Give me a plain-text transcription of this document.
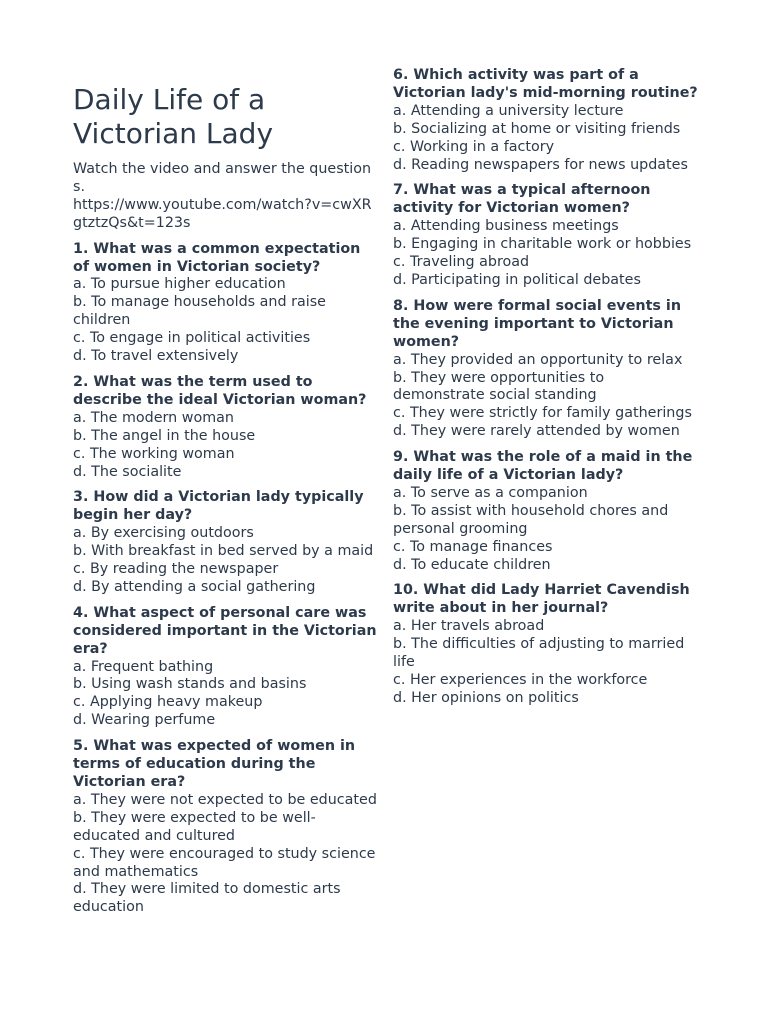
Daily Life of a Victorian Lady
Watch the video and answer the questions.
https://www.youtube.com/watch?v=cwXRgtztzQs&t=123s
1. What was a common expectation of women in Victorian society?
a. To pursue higher education
b. To manage households and raise children
c. To engage in political activities
d. To travel extensively
2. What was the term used to describe the ideal Victorian woman?
a. The modern woman
b. The angel in the house
c. The working woman
d. The socialite
3. How did a Victorian lady typically begin her day?
a. By exercising outdoors
b. With breakfast in bed served by a maid
c. By reading the newspaper
d. By attending a social gathering
4. What aspect of personal care was considered important in the Victorian era?
a. Frequent bathing
b. Using wash stands and basins
c. Applying heavy makeup
d. Wearing perfume
5. What was expected of women in terms of education during the Victorian era?
a. They were not expected to be educated
b. They were expected to be well-educated and cultured
c. They were encouraged to study science and mathematics
d. They were limited to domestic arts education
6. Which activity was part of a Victorian lady's mid-morning routine?
a. Attending a university lecture
b. Socializing at home or visiting friends
c. Working in a factory
d. Reading newspapers for news updates
7. What was a typical afternoon activity for Victorian women?
a. Attending business meetings
b. Engaging in charitable work or hobbies
c. Traveling abroad
d. Participating in political debates
8. How were formal social events in the evening important to Victorian women?
a. They provided an opportunity to relax
b. They were opportunities to demonstrate social standing
c. They were strictly for family gatherings
d. They were rarely attended by women
9. What was the role of a maid in the daily life of a Victorian lady?
a. To serve as a companion
b. To assist with household chores and personal grooming
c. To manage finances
d. To educate children
10. What did Lady Harriet Cavendish write about in her journal?
a. Her travels abroad
b. The difficulties of adjusting to married life
c. Her experiences in the workforce
d. Her opinions on politics
